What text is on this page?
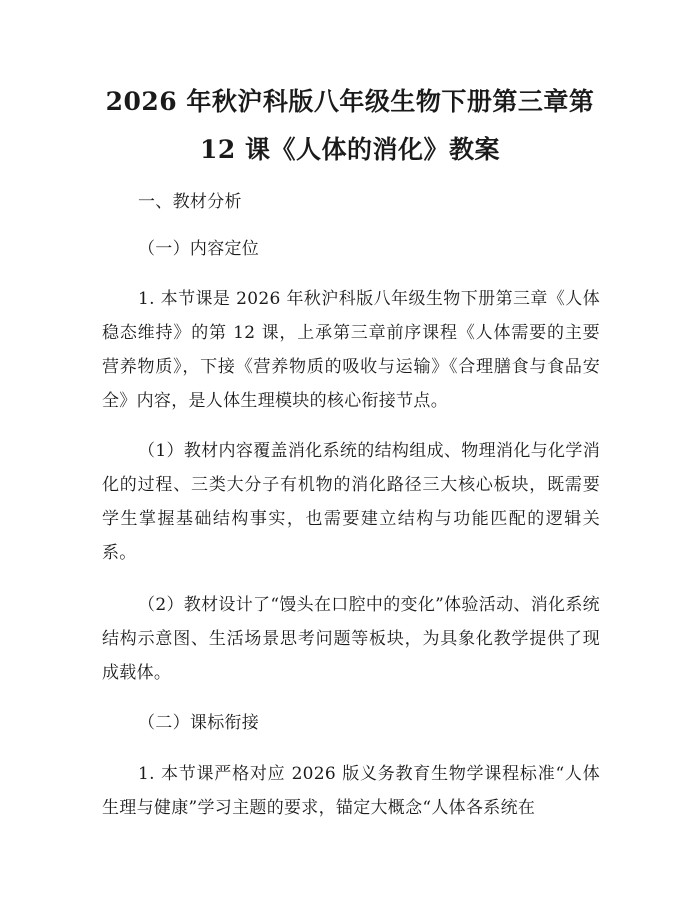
2026 年秋沪科版八年级生物下册第三章第 12 课《人体的消化》教案

一、教材分析

（一）内容定位

1. 本节课是 2026 年秋沪科版八年级生物下册第三章《人体稳态维持》的第 12 课，上承第三章前序课程《人体需要的主要营养物质》，下接《营养物质的吸收与运输》《合理膳食与食品安全》内容，是人体生理模块的核心衔接节点。

（1）教材内容覆盖消化系统的结构组成、物理消化与化学消化的过程、三类大分子有机物的消化路径三大核心板块，既需要学生掌握基础结构事实，也需要建立结构与功能匹配的逻辑关系。

（2）教材设计了“馒头在口腔中的变化”体验活动、消化系统结构示意图、生活场景思考问题等板块，为具象化教学提供了现成载体。

（二）课标衔接

1. 本节课严格对应 2026 版义务教育生物学课程标准“人体生理与健康”学习主题的要求，锚定大概念“人体各系统在
